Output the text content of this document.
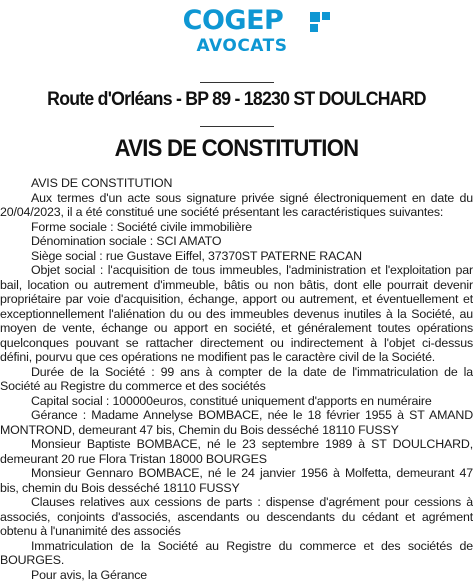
COGEP
AVOCATS
Route d'Orléans - BP 89 - 18230 ST DOULCHARD
AVIS DE CONSTITUTION

AVIS DE CONSTITUTION

Aux termes d'un acte sous signature privée signé électroniquement en date du 20/04/2023, il a été constitué une société présentant les caractéristiques suivantes:

Forme sociale : Société civile immobilière

Dénomination sociale : SCI AMATO

Siège social : rue Gustave Eiffel, 37370ST PATERNE RACAN

Objet social : l'acquisition de tous immeubles, l'administration et l'exploitation par bail, location ou autrement d'immeuble, bâtis ou non bâtis, dont elle pourrait devenir propriétaire par voie d'acquisition, échange, apport ou autrement, et éventuellement et exceptionnellement l'aliénation du ou des immeubles devenus inutiles à la Société, au moyen de vente, échange ou apport en société, et généralement toutes opérations quelconques pouvant se rattacher directement ou indirectement à l'objet ci-dessus défini, pourvu que ces opérations ne modifient pas le caractère civil de la Société.

Durée de la Société : 99 ans à compter de la date de l'immatriculation de la Société au Registre du commerce et des sociétés

Capital social : 100000euros, constitué uniquement d'apports en numéraire

Gérance : Madame Annelyse BOMBACE, née le 18 février 1955 à ST AMAND MONTROND, demeurant 47 bis, Chemin du Bois desséché 18110 FUSSY

Monsieur Baptiste BOMBACE, né le 23 septembre 1989 à ST DOULCHARD, demeurant 20 rue Flora Tristan 18000 BOURGES

Monsieur Gennaro BOMBACE, né le 24 janvier 1956 à Molfetta, demeurant 47 bis, chemin du Bois desséché 18110 FUSSY

Clauses relatives aux cessions de parts : dispense d'agrément pour cessions à associés, conjoints d'associés, ascendants ou descendants du cédant et agrément obtenu à l'unanimité des associés

Immatriculation de la Société au Registre du commerce et des sociétés de BOURGES.

Pour avis, la Gérance
